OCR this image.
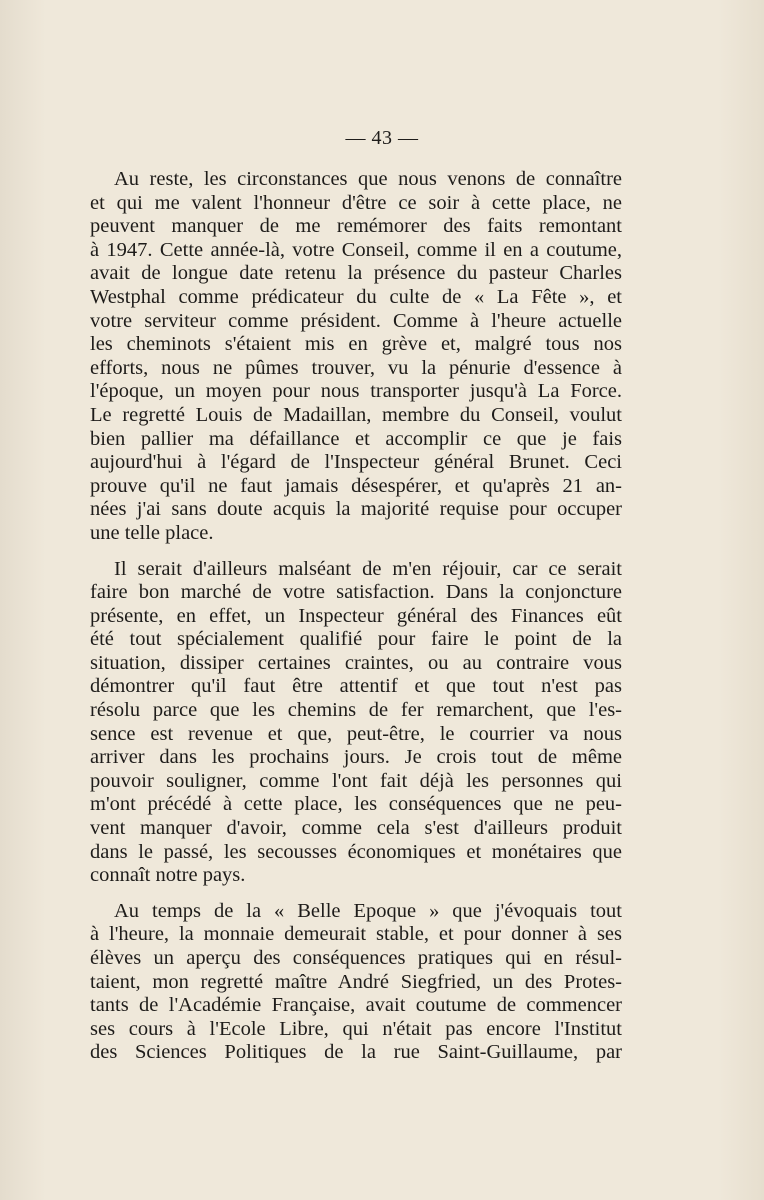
— 43 —
Au reste, les circonstances que nous venons de connaître
et qui me valent l'honneur d'être ce soir à cette place, ne
peuvent manquer de me remémorer des faits remontant
à 1947. Cette année-là, votre Conseil, comme il en a coutume,
avait de longue date retenu la présence du pasteur Charles
Westphal comme prédicateur du culte de « La Fête », et
votre serviteur comme président. Comme à l'heure actuelle
les cheminots s'étaient mis en grève et, malgré tous nos
efforts, nous ne pûmes trouver, vu la pénurie d'essence à
l'époque, un moyen pour nous transporter jusqu'à La Force.
Le regretté Louis de Madaillan, membre du Conseil, voulut
bien pallier ma défaillance et accomplir ce que je fais
aujourd'hui à l'égard de l'Inspecteur général Brunet. Ceci
prouve qu'il ne faut jamais désespérer, et qu'après 21 an-
nées j'ai sans doute acquis la majorité requise pour occuper
une telle place.
Il serait d'ailleurs malséant de m'en réjouir, car ce serait
faire bon marché de votre satisfaction. Dans la conjoncture
présente, en effet, un Inspecteur général des Finances eût
été tout spécialement qualifié pour faire le point de la
situation, dissiper certaines craintes, ou au contraire vous
démontrer qu'il faut être attentif et que tout n'est pas
résolu parce que les chemins de fer remarchent, que l'es-
sence est revenue et que, peut-être, le courrier va nous
arriver dans les prochains jours. Je crois tout de même
pouvoir souligner, comme l'ont fait déjà les personnes qui
m'ont précédé à cette place, les conséquences que ne peu-
vent manquer d'avoir, comme cela s'est d'ailleurs produit
dans le passé, les secousses économiques et monétaires que
connaît notre pays.
Au temps de la « Belle Epoque » que j'évoquais tout
à l'heure, la monnaie demeurait stable, et pour donner à ses
élèves un aperçu des conséquences pratiques qui en résul-
taient, mon regretté maître André Siegfried, un des Protes-
tants de l'Académie Française, avait coutume de commencer
ses cours à l'Ecole Libre, qui n'était pas encore l'Institut
des Sciences Politiques de la rue Saint-Guillaume, par
